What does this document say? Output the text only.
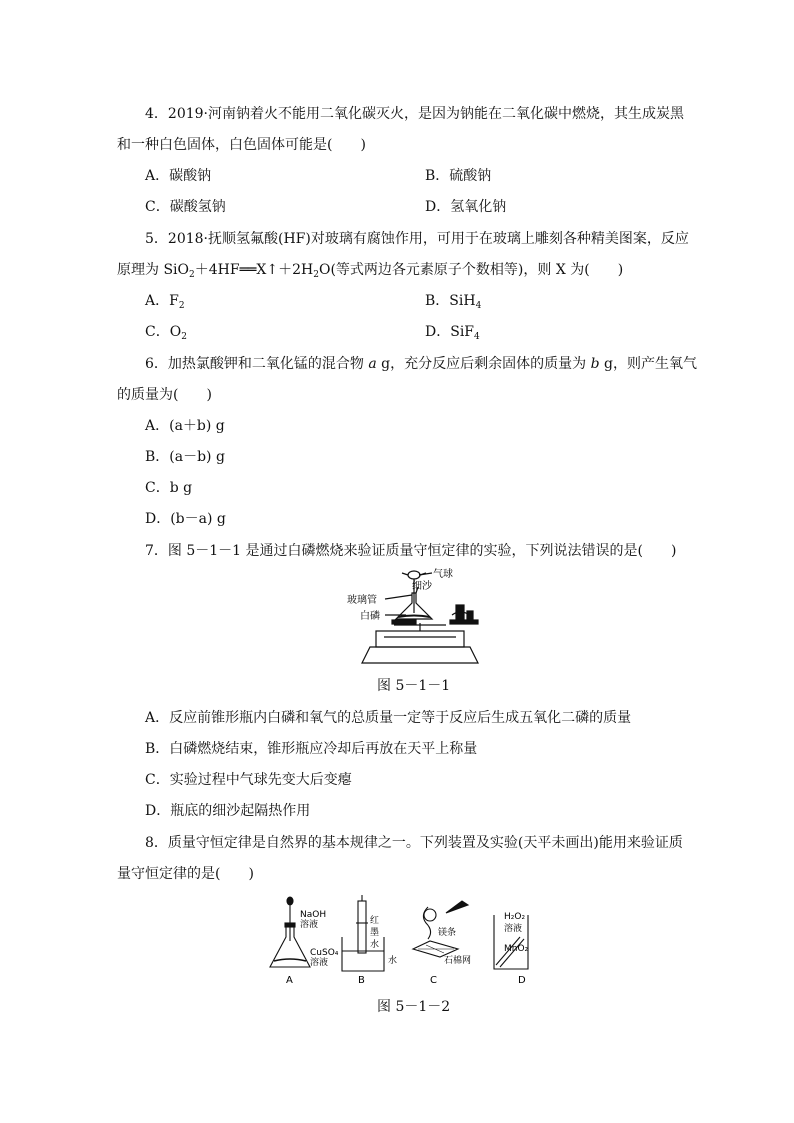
4．2019·河南钠着火不能用二氧化碳灭火，是因为钠能在二氧化碳中燃烧，其生成炭黑
和一种白色固体，白色固体可能是(　　)
A．碳酸钠	B．硫酸钠
C．碳酸氢钠	D．氢氧化钠
5．2018·抚顺氢氟酸(HF)对玻璃有腐蚀作用，可用于在玻璃上雕刻各种精美图案，反应
原理为 $SiO_2+4HF══X↑+2H_2O$(等式两边各元素原子个数相等)，则 X 为(　　)
A．$F_2$	B．SiH$_4$
C．$O_2$	D．SiF$_4$
6．加热氯酸钾和二氧化锰的混合物 a g，充分反应后剩余固体的质量为 b g，则产生氧气
的质量为(　　)
A．(a＋b) g
B．(a－b) g
C．b g
D．(b－a) g
7．图 5－1－1 是通过白磷燃烧来验证质量守恒定律的实验，下列说法错误的是(　　)
气球
玻璃管
细沙
白磷
图 5－1－1
A．反应前锥形瓶内白磷和氧气的总质量一定等于反应后生成五氧化二磷的质量
B．白磷燃烧结束，锥形瓶应冷却后再放在天平上称量
C．实验过程中气球先变大后变瘪
D．瓶底的细沙起隔热作用
8．质量守恒定律是自然界的基本规律之一。下列装置及实验(天平未画出)能用来验证质
量守恒定律的是(　　)
NaOH
溶液
CuSO₄
溶液
A
红
墨
水
水
B
镁条
石棉网
C
H₂O₂
溶液
MnO₂
D
图 5－1－2
